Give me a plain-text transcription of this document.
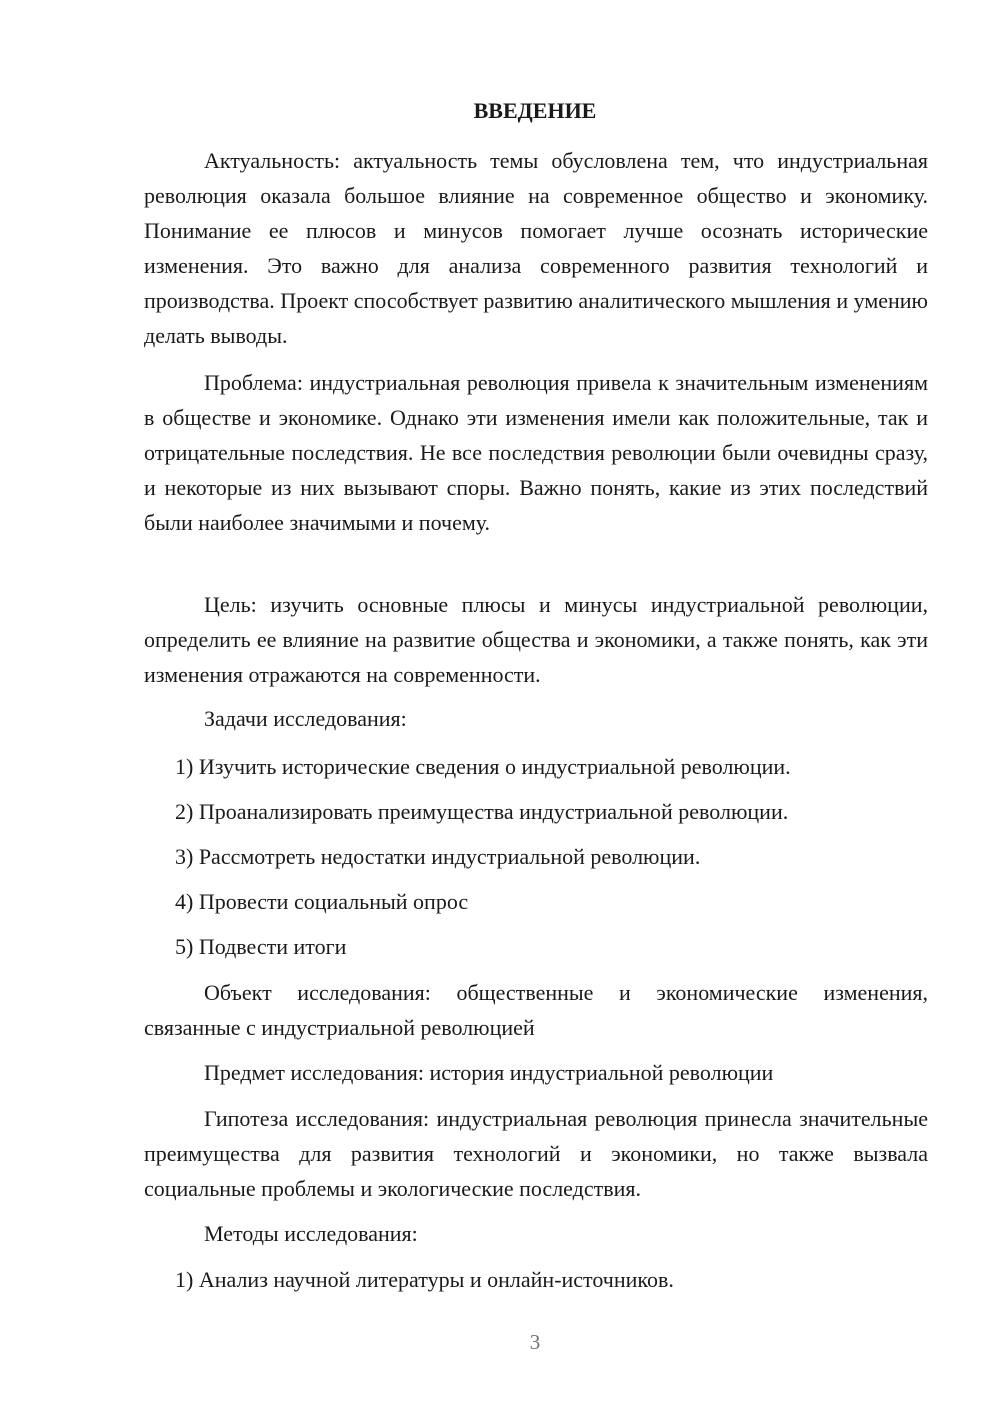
ВВЕДЕНИЕ

Актуальность: актуальность темы обусловлена тем, что индустриальная революция оказала большое влияние на современное общество и экономику. Понимание ее плюсов и минусов помогает лучше осознать исторические изменения. Это важно для анализа современного развития технологий и производства. Проект способствует развитию аналитического мышления и умению делать выводы.

Проблема: индустриальная революция привела к значительным изменениям в обществе и экономике. Однако эти изменения имели как положительные, так и отрицательные последствия. Не все последствия революции были очевидны сразу, и некоторые из них вызывают споры. Важно понять, какие из этих последствий были наиболее значимыми и почему.

Цель: изучить основные плюсы и минусы индустриальной революции, определить ее влияние на развитие общества и экономики, а также понять, как эти изменения отражаются на современности.

Задачи исследования:

1) Изучить исторические сведения о индустриальной революции.

2) Проанализировать преимущества индустриальной революции.

3) Рассмотреть недостатки индустриальной революции.

4) Провести социальный опрос

5) Подвести итоги

Объект исследования: общественные и экономические изменения, связанные с индустриальной революцией

Предмет исследования: история индустриальной революции

Гипотеза исследования: индустриальная революция принесла значительные преимущества для развития технологий и экономики, но также вызвала социальные проблемы и экологические последствия.

Методы исследования:

1) Анализ научной литературы и онлайн-источников.

3
